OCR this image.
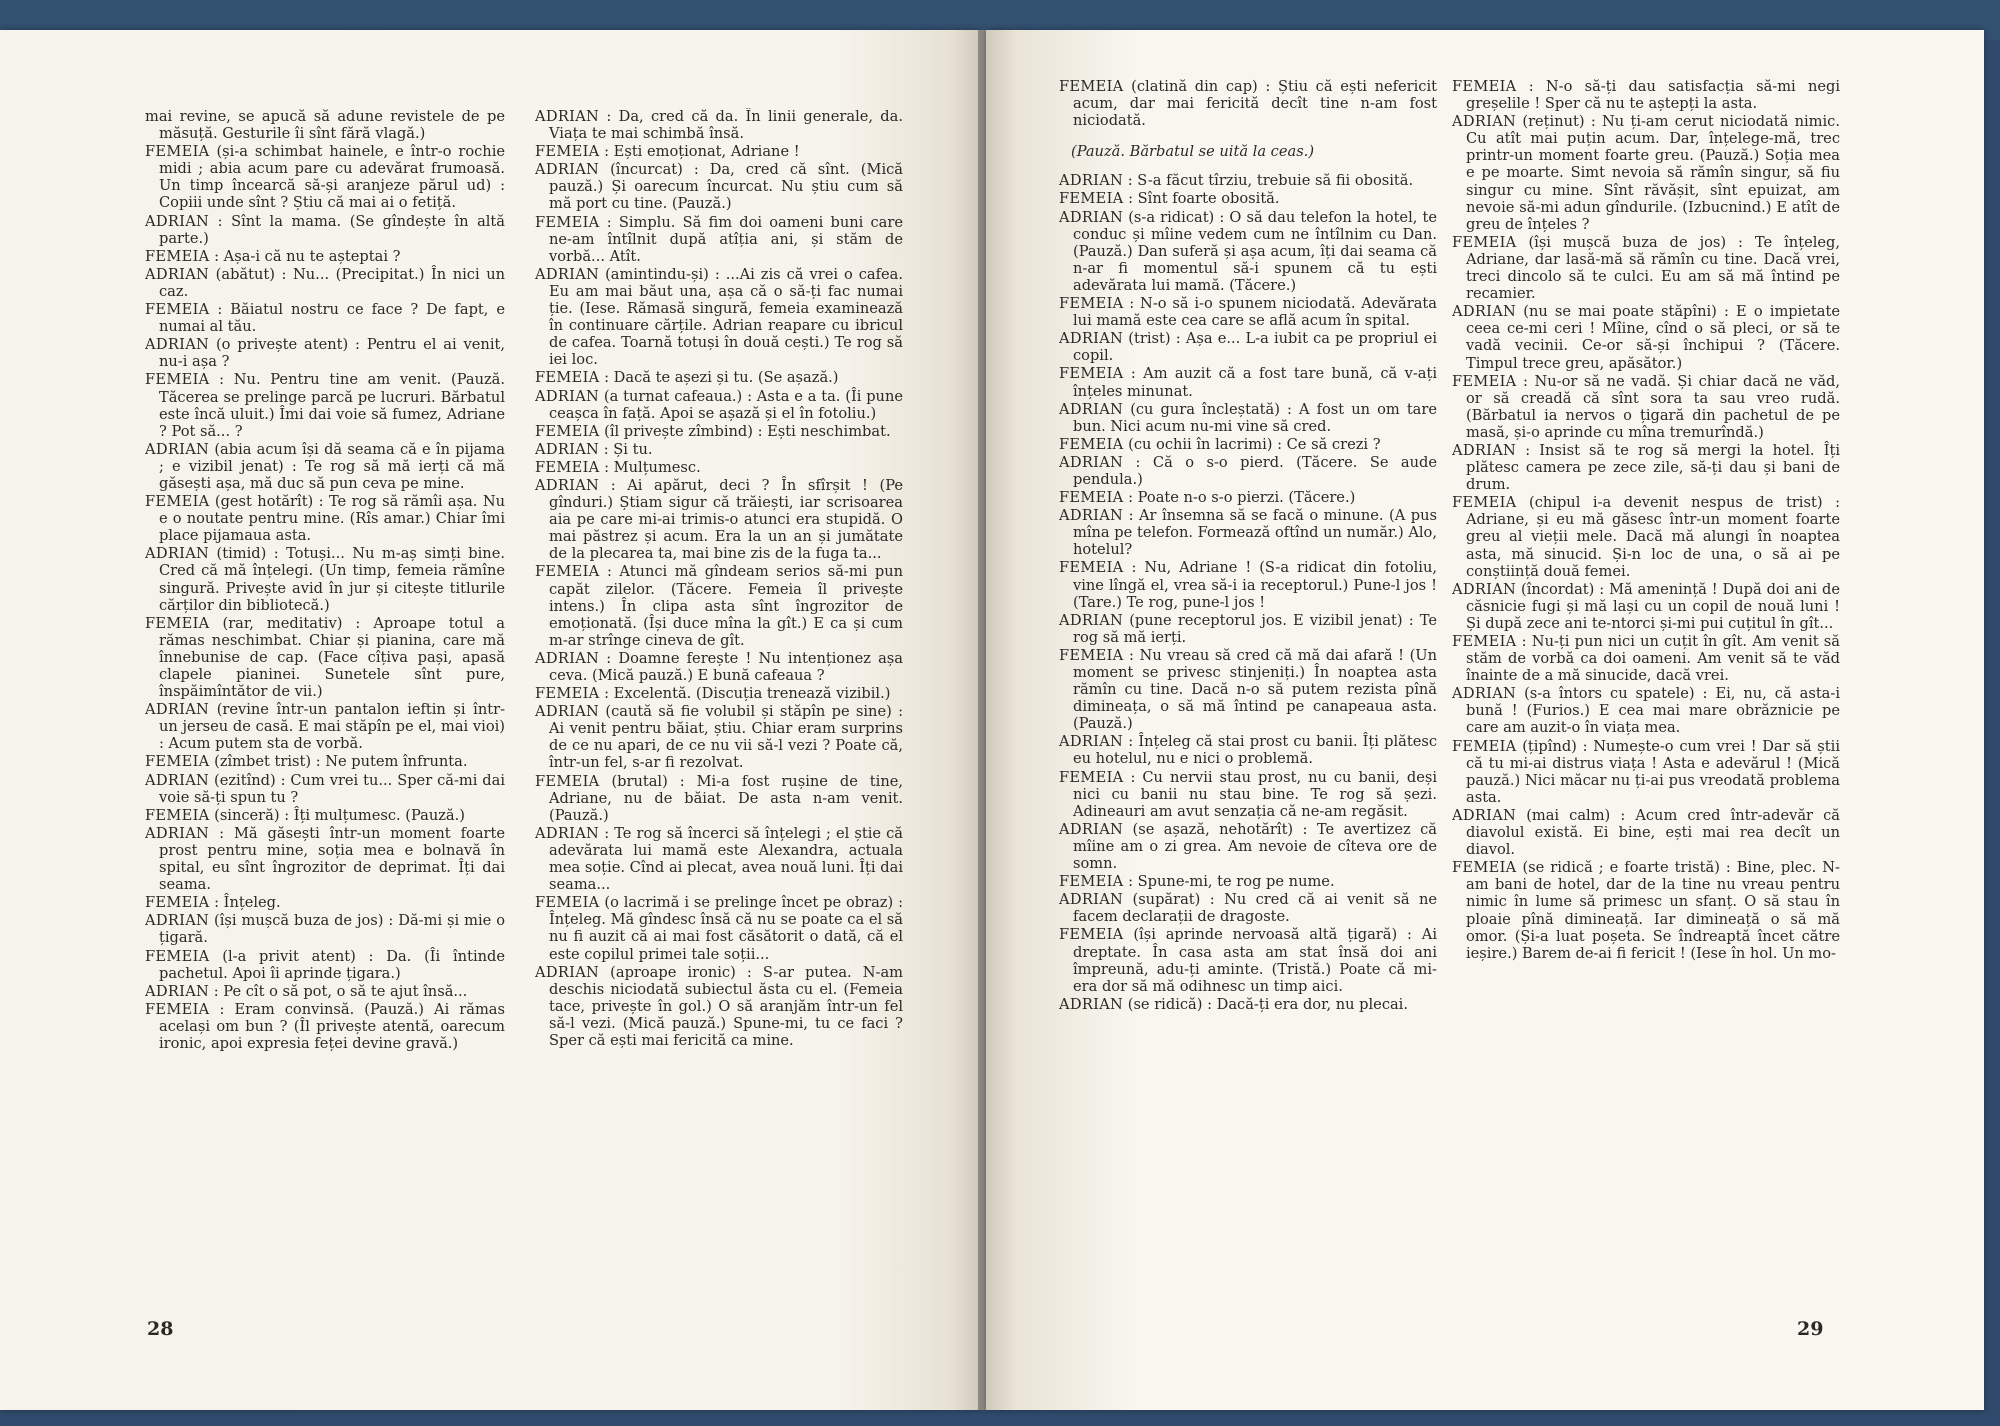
mai revine, se apucă să adune revistele de pe măsuță. Gesturile îi sînt fără vlagă.)

FEMEIA (și-a schimbat hainele, e într-o rochie midi ; abia acum pare cu adevărat frumoasă. Un timp încearcă să-și aranjeze părul ud) : Copiii unde sînt ? Știu că mai ai o fetiță.

ADRIAN : Sînt la mama. (Se gîndește în altă parte.)

FEMEIA : Așa-i că nu te așteptai ?

ADRIAN (abătut) : Nu... (Precipitat.) În nici un caz.

FEMEIA : Băiatul nostru ce face ? De fapt, e numai al tău.

ADRIAN (o privește atent) : Pentru el ai venit, nu-i așa ?

FEMEIA : Nu. Pentru tine am venit. (Pauză. Tăcerea se prelinge parcă pe lucruri. Bărbatul este încă uluit.) Îmi dai voie să fumez, Adriane ? Pot să... ?

ADRIAN (abia acum își dă seama că e în pijama ; e vizibil jenat) : Te rog să mă ierți că mă găsești așa, mă duc să pun ceva pe mine.

FEMEIA (gest hotărît) : Te rog să rămîi așa. Nu e o noutate pentru mine. (Rîs amar.) Chiar îmi place pijamaua asta.

ADRIAN (timid) : Totuși... Nu m-aș simți bine. Cred că mă înțelegi. (Un timp, femeia rămîne singură. Privește avid în jur și citește titlurile cărților din bibliotecă.)

FEMEIA (rar, meditativ) : Aproape totul a rămas neschimbat. Chiar și pianina, care mă înnebunise de cap. (Face cîțiva pași, apasă clapele pianinei. Sunetele sînt pure, înspăimîntător de vii.)

ADRIAN (revine într-un pantalon ieftin și într-un jerseu de casă. E mai stăpîn pe el, mai vioi) : Acum putem sta de vorbă.

FEMEIA (zîmbet trist) : Ne putem înfrunta.

ADRIAN (ezitînd) : Cum vrei tu... Sper că-mi dai voie să-ți spun tu ?

FEMEIA (sinceră) : Îți mulțumesc. (Pauză.)

ADRIAN : Mă găsești într-un moment foarte prost pentru mine, soția mea e bolnavă în spital, eu sînt îngrozitor de deprimat. Îți dai seama.

FEMEIA : Înțeleg.

ADRIAN (își mușcă buza de jos) : Dă-mi și mie o țigară.

FEMEIA (l-a privit atent) : Da. (Îi întinde pachetul. Apoi îi aprinde țigara.)

ADRIAN : Pe cît o să pot, o să te ajut însă...

FEMEIA : Eram convinsă. (Pauză.) Ai rămas același om bun ? (Îl privește atentă, oarecum ironic, apoi expresia feței devine gravă.)

ADRIAN : Da, cred că da. În linii generale, da. Viața te mai schimbă însă.

FEMEIA : Ești emoționat, Adriane !

ADRIAN (încurcat) : Da, cred că sînt. (Mică pauză.) Și oarecum încurcat. Nu știu cum să mă port cu tine. (Pauză.)

FEMEIA : Simplu. Să fim doi oameni buni care ne-am întîlnit după atîția ani, și stăm de vorbă... Atît.

ADRIAN (amintindu-și) : ...Ai zis că vrei o cafea. Eu am mai băut una, așa că o să-ți fac numai ție. (Iese. Rămasă singură, femeia examinează în continuare cărțile. Adrian reapare cu ibricul de cafea. Toarnă totuși în două cești.) Te rog să iei loc.

FEMEIA : Dacă te așezi și tu. (Se așază.)

ADRIAN (a turnat cafeaua.) : Asta e a ta. (Îi pune ceașca în față. Apoi se așază și el în fotoliu.)

FEMEIA (îl privește zîmbind) : Ești neschimbat.

ADRIAN : Și tu.

FEMEIA : Mulțumesc.

ADRIAN : Ai apărut, deci ? În sfîrșit ! (Pe gînduri.) Știam sigur că trăiești, iar scrisoarea aia pe care mi-ai trimis-o atunci era stupidă. O mai păstrez și acum. Era la un an și jumătate de la plecarea ta, mai bine zis de la fuga ta...

FEMEIA : Atunci mă gîndeam serios să-mi pun capăt zilelor. (Tăcere. Femeia îl privește intens.) În clipa asta sînt îngrozitor de emoționată. (Își duce mîna la gît.) E ca și cum m-ar strînge cineva de gît.

ADRIAN : Doamne ferește ! Nu intenționez așa ceva. (Mică pauză.) E bună cafeaua ?

FEMEIA : Excelentă. (Discuția trenează vizibil.)

ADRIAN (caută să fie volubil și stăpîn pe sine) : Ai venit pentru băiat, știu. Chiar eram surprins de ce nu apari, de ce nu vii să-l vezi ? Poate că, într-un fel, s-ar fi rezolvat.

FEMEIA (brutal) : Mi-a fost rușine de tine, Adriane, nu de băiat. De asta n-am venit. (Pauză.)

ADRIAN : Te rog să încerci să înțelegi ; el știe că adevărata lui mamă este Alexandra, actuala mea soție. Cînd ai plecat, avea nouă luni. Îți dai seama...

FEMEIA (o lacrimă i se prelinge încet pe obraz) : Înțeleg. Mă gîndesc însă că nu se poate ca el să nu fi auzit că ai mai fost căsătorit o dată, că el este copilul primei tale soții...

ADRIAN (aproape ironic) : S-ar putea. N-am deschis niciodată subiectul ăsta cu el. (Femeia tace, privește în gol.) O să aranjăm într-un fel să-l vezi. (Mică pauză.) Spune-mi, tu ce faci ? Sper că ești mai fericită ca mine.

FEMEIA (clatină din cap) : Știu că ești nefericit acum, dar mai fericită decît tine n-am fost niciodată.

(Pauză. Bărbatul se uită la ceas.)

ADRIAN : S-a făcut tîrziu, trebuie să fii obosită.

FEMEIA : Sînt foarte obosită.

ADRIAN (s-a ridicat) : O să dau telefon la hotel, te conduc și mîine vedem cum ne întîlnim cu Dan. (Pauză.) Dan suferă și așa acum, îți dai seama că n-ar fi momentul să-i spunem că tu ești adevărata lui mamă. (Tăcere.)

FEMEIA : N-o să i-o spunem niciodată. Adevărata lui mamă este cea care se află acum în spital.

ADRIAN (trist) : Așa e... L-a iubit ca pe propriul ei copil.

FEMEIA : Am auzit că a fost tare bună, că v-ați înțeles minunat.

ADRIAN (cu gura încleștată) : A fost un om tare bun. Nici acum nu-mi vine să cred.

FEMEIA (cu ochii în lacrimi) : Ce să crezi ?

ADRIAN : Că o s-o pierd. (Tăcere. Se aude pendula.)

FEMEIA : Poate n-o s-o pierzi. (Tăcere.)

ADRIAN : Ar însemna să se facă o minune. (A pus mîna pe telefon. Formează oftînd un număr.) Alo, hotelul?

FEMEIA : Nu, Adriane ! (S-a ridicat din fotoliu, vine lîngă el, vrea să-i ia receptorul.) Pune-l jos ! (Tare.) Te rog, pune-l jos !

ADRIAN (pune receptorul jos. E vizibil jenat) : Te rog să mă ierți.

FEMEIA : Nu vreau să cred că mă dai afară ! (Un moment se privesc stinjeniți.) În noaptea asta rămîn cu tine. Dacă n-o să putem rezista pînă dimineața, o să mă întind pe canapeaua asta. (Pauză.)

ADRIAN : Înțeleg că stai prost cu banii. Îți plătesc eu hotelul, nu e nici o problemă.

FEMEIA : Cu nervii stau prost, nu cu banii, deși nici cu banii nu stau bine. Te rog să șezi. Adineauri am avut senzația că ne-am regăsit.

ADRIAN (se așază, nehotărît) : Te avertizez că mîine am o zi grea. Am nevoie de cîteva ore de somn.

FEMEIA : Spune-mi, te rog pe nume.

ADRIAN (supărat) : Nu cred că ai venit să ne facem declarații de dragoste.

FEMEIA (își aprinde nervoasă altă țigară) : Ai dreptate. În casa asta am stat însă doi ani împreună, adu-ți aminte. (Tristă.) Poate că mi-era dor să mă odihnesc un timp aici.

ADRIAN (se ridică) : Dacă-ți era dor, nu plecai.

FEMEIA : N-o să-ți dau satisfacția să-mi negi greșelile ! Sper că nu te aștepți la asta.

ADRIAN (reținut) : Nu ți-am cerut niciodată nimic. Cu atît mai puțin acum. Dar, înțelege-mă, trec printr-un moment foarte greu. (Pauză.) Soția mea e pe moarte. Simt nevoia să rămîn singur, să fiu singur cu mine. Sînt răvășit, sînt epuizat, am nevoie să-mi adun gîndurile. (Izbucnind.) E atît de greu de înțeles ?

FEMEIA (își mușcă buza de jos) : Te înțeleg, Adriane, dar lasă-mă să rămîn cu tine. Dacă vrei, treci dincolo să te culci. Eu am să mă întind pe recamier.

ADRIAN (nu se mai poate stăpîni) : E o impietate ceea ce-mi ceri ! Mîine, cînd o să pleci, or să te vadă vecinii. Ce-or să-și închipui ? (Tăcere. Timpul trece greu, apăsător.)

FEMEIA : Nu-or să ne vadă. Și chiar dacă ne văd, or să creadă că sînt sora ta sau vreo rudă. (Bărbatul ia nervos o țigară din pachetul de pe masă, și-o aprinde cu mîna tremurîndă.)

ADRIAN : Insist să te rog să mergi la hotel. Îți plătesc camera pe zece zile, să-ți dau și bani de drum.

FEMEIA (chipul i-a devenit nespus de trist) : Adriane, și eu mă găsesc într-un moment foarte greu al vieții mele. Dacă mă alungi în noaptea asta, mă sinucid. Și-n loc de una, o să ai pe conștiință două femei.

ADRIAN (încordat) : Mă amenință ! După doi ani de căsnicie fugi și mă lași cu un copil de nouă luni ! Și după zece ani te-ntorci și-mi pui cuțitul în gît...

FEMEIA : Nu-ți pun nici un cuțit în gît. Am venit să stăm de vorbă ca doi oameni. Am venit să te văd înainte de a mă sinucide, dacă vrei.

ADRIAN (s-a întors cu spatele) : Ei, nu, că asta-i bună ! (Furios.) E cea mai mare obrăznicie pe care am auzit-o în viața mea.

FEMEIA (țipînd) : Numește-o cum vrei ! Dar să știi că tu mi-ai distrus viața ! Asta e adevărul ! (Mică pauză.) Nici măcar nu ți-ai pus vreodată problema asta.

ADRIAN (mai calm) : Acum cred într-adevăr că diavolul există. Ei bine, ești mai rea decît un diavol.

FEMEIA (se ridică ; e foarte tristă) : Bine, plec. N-am bani de hotel, dar de la tine nu vreau pentru nimic în lume să primesc un sfanț. O să stau în ploaie pînă dimineață. Iar dimineață o să mă omor. (Și-a luat poșeta. Se îndreaptă încet către ieșire.) Barem de-ai fi fericit ! (Iese în hol. Un mo-

28	29
